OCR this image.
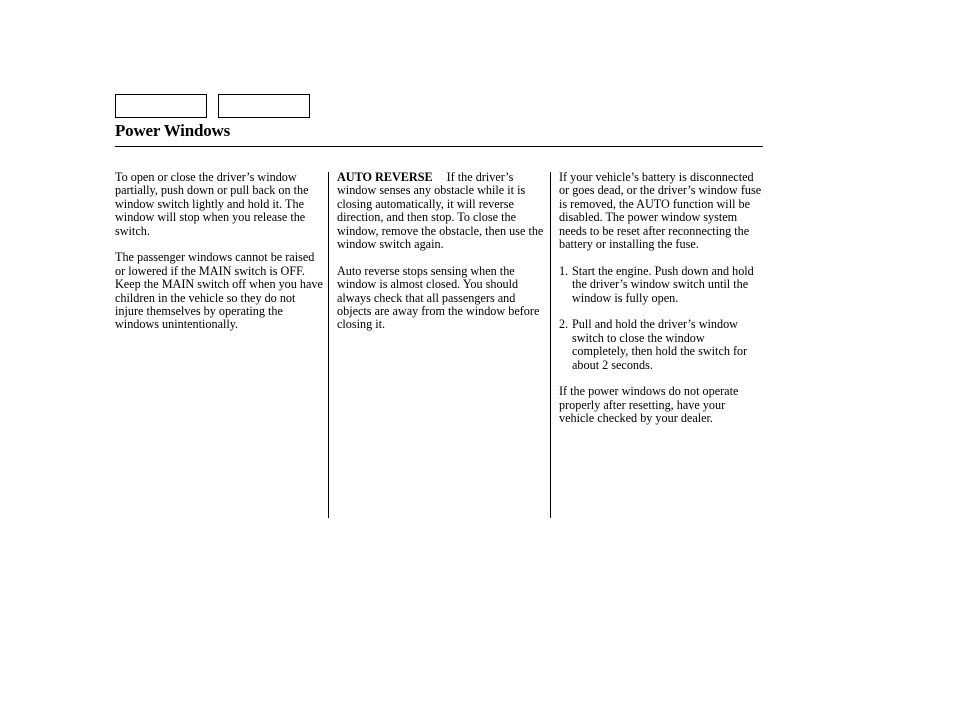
Power Windows

To open or close the driver’s window partially, push down or pull back on the window switch lightly and hold it. The window will stop when you release the switch.

The passenger windows cannot be raised or lowered if the MAIN switch is OFF. Keep the MAIN switch off when you have children in the vehicle so they do not injure themselves by operating the windows unintentionally.

AUTO REVERSE If the driver’s window senses any obstacle while it is closing automatically, it will reverse direction, and then stop. To close the window, remove the obstacle, then use the window switch again.

Auto reverse stops sensing when the window is almost closed. You should always check that all passengers and objects are away from the window before closing it.

If your vehicle’s battery is disconnected or goes dead, or the driver’s window fuse is removed, the AUTO function will be disabled. The power window system needs to be reset after reconnecting the battery or installing the fuse.

1. Start the engine. Push down and hold the driver’s window switch until the window is fully open.
2. Pull and hold the driver’s window switch to close the window completely, then hold the switch for about 2 seconds.

If the power windows do not operate properly after resetting, have your vehicle checked by your dealer.
